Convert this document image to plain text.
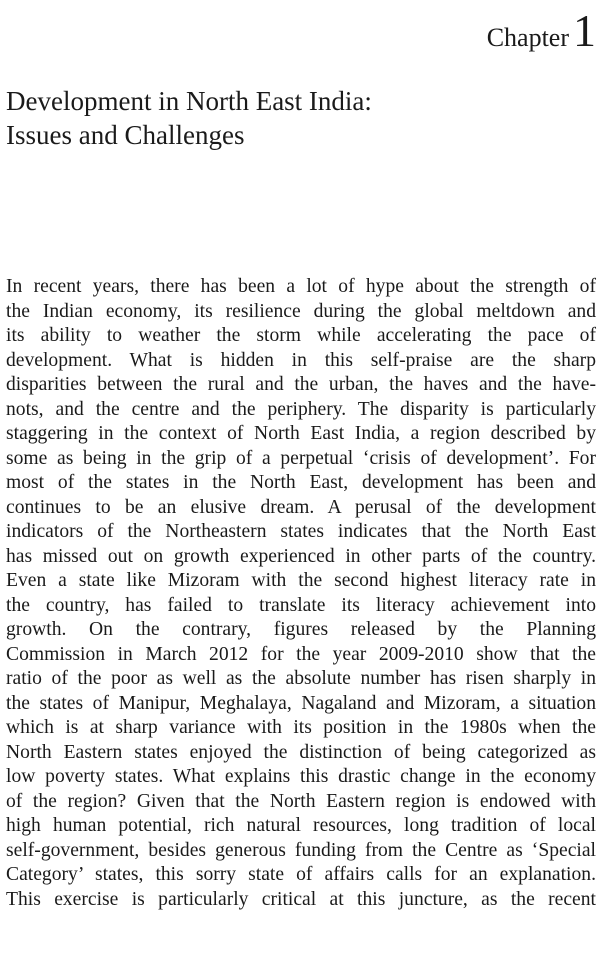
Chapter1
Development in North East India:
Issues and Challenges
In recent years, there has been a lot of hype about the strength of
the Indian economy, its resilience during the global meltdown and
its ability to weather the storm while accelerating the pace of
development. What is hidden in this self-praise are the sharp
disparities between the rural and the urban, the haves and the have-
nots, and the centre and the periphery. The disparity is particularly
staggering in the context of North East India, a region described by
some as being in the grip of a perpetual ‘crisis of development’. For
most of the states in the North East, development has been and
continues to be an elusive dream. A perusal of the development
indicators of the Northeastern states indicates that the North East
has missed out on growth experienced in other parts of the country.
Even a state like Mizoram with the second highest literacy rate in
the country, has failed to translate its literacy achievement into
growth. On the contrary, figures released by the Planning
Commission in March 2012 for the year 2009-2010 show that the
ratio of the poor as well as the absolute number has risen sharply in
the states of Manipur, Meghalaya, Nagaland and Mizoram, a situation
which is at sharp variance with its position in the 1980s when the
North Eastern states enjoyed the distinction of being categorized as
low poverty states. What explains this drastic change in the economy
of the region? Given that the North Eastern region is endowed with
high human potential, rich natural resources, long tradition of local
self-government, besides generous funding from the Centre as ‘Special
Category’ states, this sorry state of affairs calls for an explanation.
This exercise is particularly critical at this juncture, as the recent
